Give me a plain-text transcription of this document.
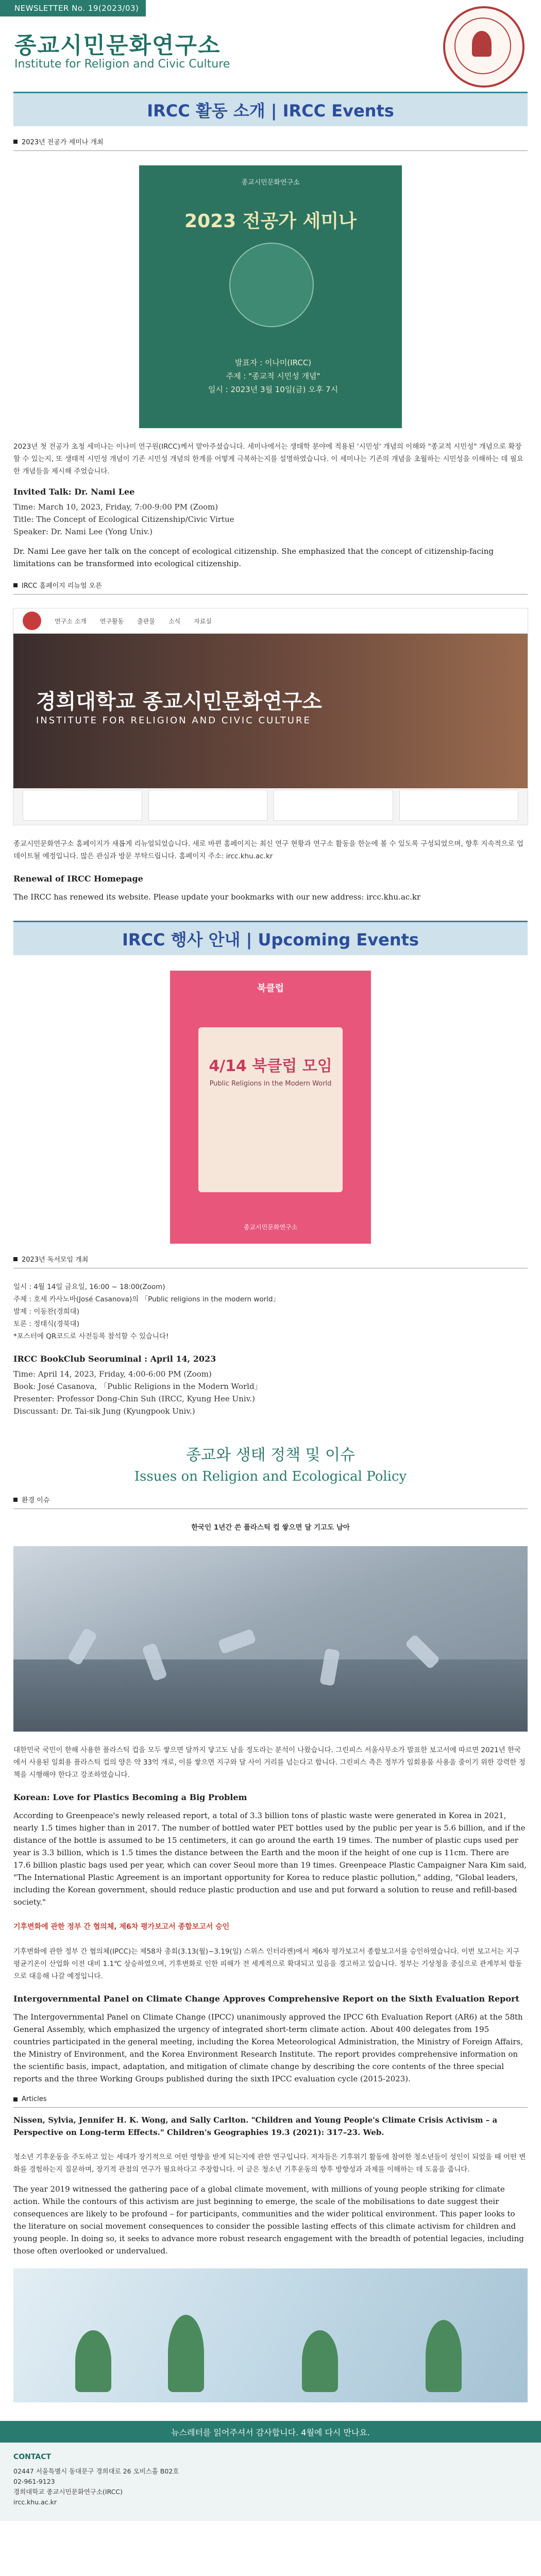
NEWSLETTER No. 19(2023/03)
종교시민문화연구소
Institute for Religion and Civic Culture
IRCC 활동 소개 | IRCC Events
2023년 전공가 세미나 개최
종교시민문화연구소
2023 전공가 세미나
발표자 : 이나미(IRCC)
주제 : "종교적 시민성 개념"
일시 : 2023년 3월 10일(금) 오후 7시
2023년 첫 전공가 초청 세미나는 이나미 연구원(IRCC)께서 맡아주셨습니다. 세미나에서는 생태학 분야에 적용된 '시민성' 개념의 이해와 "종교적 시민성" 개념으로 확장할 수 있는지, 또 생태적 시민성 개념이 기존 시민성 개념의 한계를 어떻게 극복하는지를 설명하였습니다. 이 세미나는 기존의 개념을 초월하는 시민성을 이해하는 데 필요한 개념들을 제시해 주었습니다.
Invited Talk: Dr. Nami Lee
Time: March 10, 2023, Friday, 7:00-9:00 PM (Zoom)
Title: The Concept of Ecological Citizenship/Civic Virtue
Speaker: Dr. Nami Lee (Yong Univ.)
Dr. Nami Lee gave her talk on the concept of ecological citizenship. She emphasized that the concept of citizenship-facing limitations can be transformed into ecological citizenship.
IRCC 홈페이지 리뉴얼 오픈
연구소 소개 연구활동 출판물 소식 자료실
경희대학교 종교시민문화연구소
INSTITUTE FOR RELIGION AND CIVIC CULTURE
종교시민문화연구소 홈페이지가 새롭게 리뉴얼되었습니다. 새로 바뀐 홈페이지는 최신 연구 현황과 연구소 활동을 한눈에 볼 수 있도록 구성되었으며, 향후 지속적으로 업데이트될 예정입니다. 많은 관심과 방문 부탁드립니다. 홈페이지 주소: ircc.khu.ac.kr
Renewal of IRCC Homepage
The IRCC has renewed its website. Please update your bookmarks with our new address: ircc.khu.ac.kr
IRCC 행사 안내 | Upcoming Events
북클럽
4/14 북클럽 모임
Public Religions in the Modern World
종교시민문화연구소
2023년 독서모임 개최
일시 : 4월 14일 금요일, 16:00 ~ 18:00(Zoom)
주제 : 호세 카사노바(José Casanova)의 「Public religions in the modern world」
발제 : 이동찬(경희대)
토론 : 정태식(경북대)
*포스터에 QR코드로 사전등록 참석할 수 있습니다!
IRCC BookClub Seoruminal : April 14, 2023
Time: April 14, 2023, Friday, 4:00-6:00 PM (Zoom)
Book: José Casanova, 「Public Religions in the Modern World」
Presenter: Professor Dong-Chin Suh (IRCC, Kyung Hee Univ.)
Discussant: Dr. Tai-sik Jung (Kyungpook Univ.)
종교와 생태 정책 및 이슈
Issues on Religion and Ecological Policy
환경 이슈
한국인 1년간 쓴 플라스틱 컵 쌓으면 달 기고도 남아
대한민국 국민이 한해 사용한 플라스틱 컵을 모두 쌓으면 달까지 닿고도 남을 정도라는 분석이 나왔습니다. 그린피스 서울사무소가 발표한 보고서에 따르면 2021년 한국에서 사용된 일회용 플라스틱 컵의 양은 약 33억 개로, 이를 쌓으면 지구와 달 사이 거리를 넘는다고 합니다. 그린피스 측은 정부가 일회용품 사용을 줄이기 위한 강력한 정책을 시행해야 한다고 강조하였습니다.
Korean: Love for Plastics Becoming a Big Problem
According to Greenpeace's newly released report, a total of 3.3 billion tons of plastic waste were generated in Korea in 2021, nearly 1.5 times higher than in 2017. The number of bottled water PET bottles used by the public per year is 5.6 billion, and if the distance of the bottle is assumed to be 15 centimeters, it can go around the earth 19 times. The number of plastic cups used per year is 3.3 billion, which is 1.5 times the distance between the Earth and the moon if the height of one cup is 11cm. There are 17.6 billion plastic bags used per year, which can cover Seoul more than 19 times. Greenpeace Plastic Campaigner Nara Kim said, "The International Plastic Agreement is an important opportunity for Korea to reduce plastic pollution," adding, "Global leaders, including the Korean government, should reduce plastic production and use and put forward a solution to reuse and refill-based society."
기후변화에 관한 정부 간 협의체, 제6차 평가보고서 종합보고서 승인
기후변화에 관한 정부 간 협의체(IPCC)는 제58차 총회(3.13(월)~3.19(일) 스위스 인터라켄)에서 제6차 평가보고서 종합보고서를 승인하였습니다. 이번 보고서는 지구 평균기온이 산업화 이전 대비 1.1℃ 상승하였으며, 기후변화로 인한 피해가 전 세계적으로 확대되고 있음을 경고하고 있습니다. 정부는 기상청을 중심으로 관계부처 합동으로 대응해 나갈 예정입니다.
Intergovernmental Panel on Climate Change Approves Comprehensive Report on the Sixth Evaluation Report
The Intergovernmental Panel on Climate Change (IPCC) unanimously approved the IPCC 6th Evaluation Report (AR6) at the 58th General Assembly, which emphasized the urgency of integrated short-term climate action. About 400 delegates from 195 countries participated in the general meeting, including the Korea Meteorological Administration, the Ministry of Foreign Affairs, the Ministry of Environment, and the Korea Environment Research Institute. The report provides comprehensive information on the scientific basis, impact, adaptation, and mitigation of climate change by describing the core contents of the three special reports and the three Working Groups published during the sixth IPCC evaluation cycle (2015-2023).
Articles
Nissen, Sylvia, Jennifer H. K. Wong, and Sally Carlton. "Children and Young People's Climate Crisis Activism – a Perspective on Long-term Effects." Children's Geographies 19.3 (2021): 317–23. Web.
청소년 기후운동을 주도하고 있는 세대가 장기적으로 어떤 영향을 받게 되는지에 관한 연구입니다. 저자들은 기후위기 활동에 참여한 청소년들이 성인이 되었을 때 어떤 변화를 경험하는지 질문하며, 장기적 관점의 연구가 필요하다고 주장합니다. 이 글은 청소년 기후운동의 향후 방향성과 과제를 이해하는 데 도움을 줍니다.
The year 2019 witnessed the gathering pace of a global climate movement, with millions of young people striking for climate action. While the contours of this activism are just beginning to emerge, the scale of the mobilisations to date suggest their consequences are likely to be profound – for participants, communities and the wider political environment. This paper looks to the literature on social movement consequences to consider the possible lasting effects of this climate activism for children and young people. In doing so, it seeks to advance more robust research engagement with the breadth of potential legacies, including those often overlooked or undervalued.
뉴스레터를 읽어주셔서 감사합니다. 4월에 다시 만나요.
CONTACT
02447 서울특별시 동대문구 경희대로 26 오비스홀 B02호
02-961-9123
경희대학교 종교시민문화연구소(IRCC)
ircc.khu.ac.kr
